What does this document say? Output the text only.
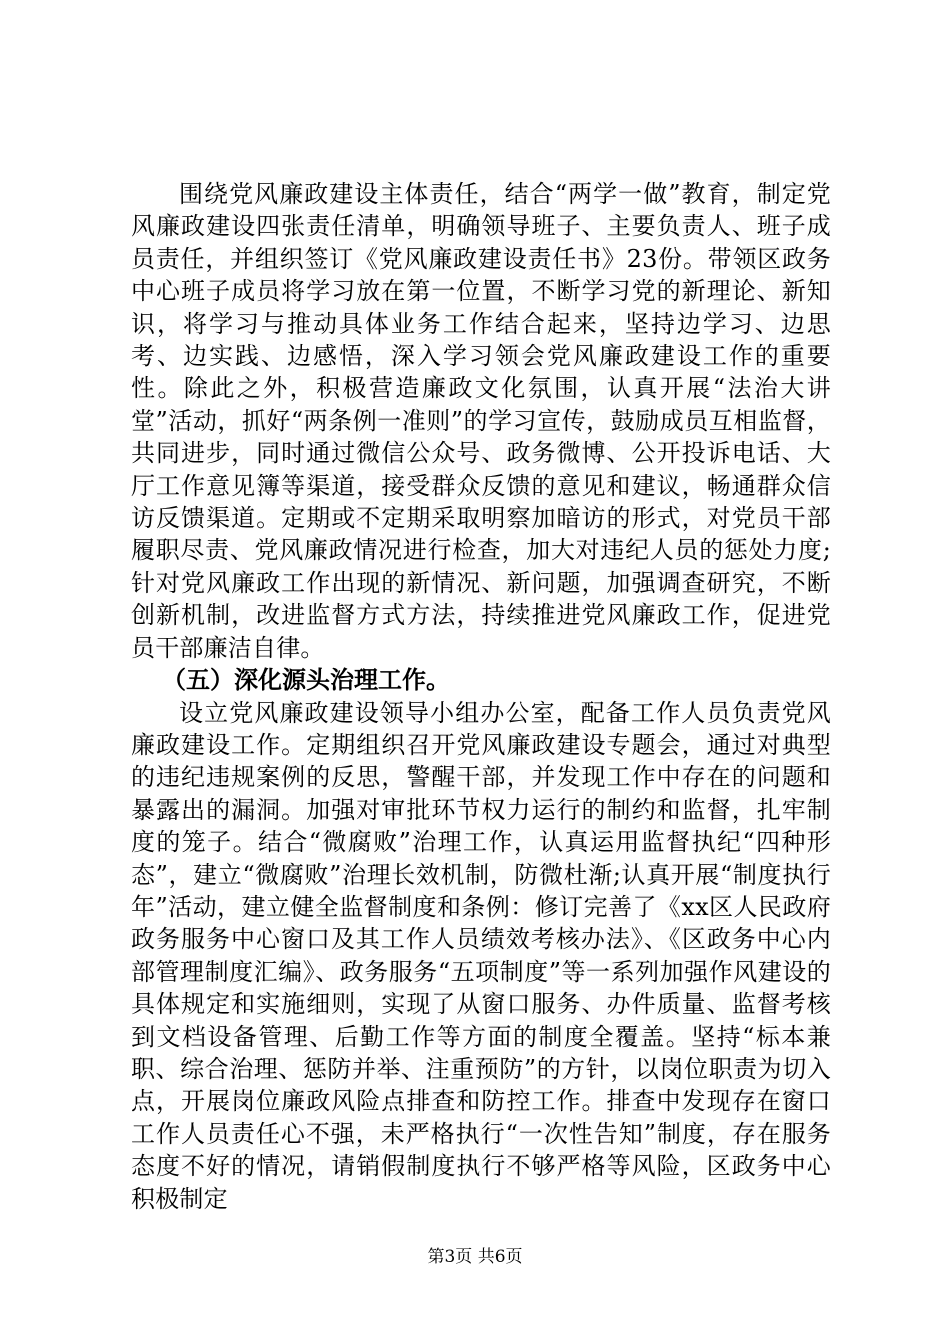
围绕党风廉政建设主体责任，结合“两学一做”教育，制定党风廉政建设四张责任清单，明确领导班子、主要负责人、班子成员责任，并组织签订《党风廉政建设责任书》23份。带领区政务中心班子成员将学习放在第一位置，不断学习党的新理论、新知识，将学习与推动具体业务工作结合起来，坚持边学习、边思考、边实践、边感悟，深入学习领会党风廉政建设工作的重要性。除此之外，积极营造廉政文化氛围，认真开展“法治大讲堂”活动，抓好“两条例一准则”的学习宣传，鼓励成员互相监督，共同进步，同时通过微信公众号、政务微博、公开投诉电话、大厅工作意见簿等渠道，接受群众反馈的意见和建议，畅通群众信访反馈渠道。定期或不定期采取明察加暗访的形式，对党员干部履职尽责、党风廉政情况进行检查，加大对违纪人员的惩处力度;针对党风廉政工作出现的新情况、新问题，加强调查研究，不断创新机制，改进监督方式方法，持续推进党风廉政工作，促进党员干部廉洁自律。

（五）深化源头治理工作。

设立党风廉政建设领导小组办公室，配备工作人员负责党风廉政建设工作。定期组织召开党风廉政建设专题会，通过对典型的违纪违规案例的反思，警醒干部，并发现工作中存在的问题和暴露出的漏洞。加强对审批环节权力运行的制约和监督，扎牢制度的笼子。结合“微腐败”治理工作，认真运用监督执纪“四种形态”，建立“微腐败”治理长效机制，防微杜渐;认真开展“制度执行年”活动，建立健全监督制度和条例：修订完善了《xx区人民政府政务服务中心窗口及其工作人员绩效考核办法》、《区政务中心内部管理制度汇编》、政务服务“五项制度”等一系列加强作风建设的具体规定和实施细则，实现了从窗口服务、办件质量、监督考核到文档设备管理、后勤工作等方面的制度全覆盖。坚持“标本兼职、综合治理、惩防并举、注重预防”的方针，以岗位职责为切入点，开展岗位廉政风险点排查和防控工作。排查中发现存在窗口工作人员责任心不强，未严格执行“一次性告知”制度，存在服务态度不好的情况，请销假制度执行不够严格等风险，区政务中心积极制定

第3页 共6页
